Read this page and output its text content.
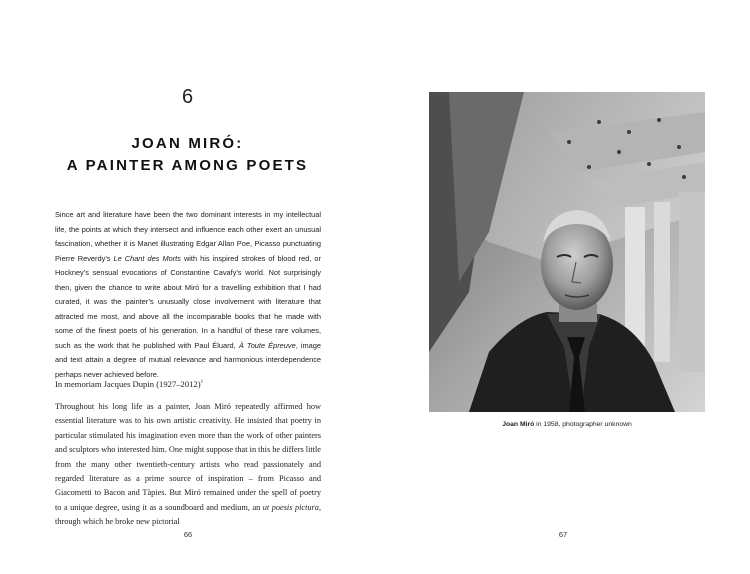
6
JOAN MIRÓ:
A PAINTER AMONG POETS

Since art and literature have been the two dominant interests in my intellectual life, the points at which they intersect and influence each other exert an unusual fascination, whether it is Manet illustrating Edgar Allan Poe, Picasso punctuating Pierre Reverdy’s Le Chant des Morts with his inspired strokes of blood red, or Hockney’s sensual evocations of Constantine Cavafy’s world. Not surprisingly then, given the chance to write about Miró for a travelling exhibition that I had curated, it was the painter’s unusually close involvement with literature that attracted me most, and above all the incomparable books that he made with some of the finest poets of his generation. In a handful of these rare volumes, such as the work that he published with Paul Éluard, À Toute Épreuve, image and text attain a degree of mutual relevance and harmonious interdependence perhaps never achieved before.

In memoriam Jacques Dupin (1927–2012)$^1$

Throughout his long life as a painter, Joan Miró repeatedly affirmed how essential literature was to his own artistic creativity. He insisted that poetry in particular stimulated his imagination even more than the work of other painters and sculptors who interested him. One might suppose that in this he differs little from the many other twentieth-century artists who read passionately and regarded literature as a prime source of inspiration – from Picasso and Giacometti to Bacon and Tàpies. But Miró remained under the spell of poetry to a unique degree, using it as a soundboard and medium, an ut poesis pictura, through which he broke new pictorial

66
Joan Miró in 1958, photographer unknown
67
